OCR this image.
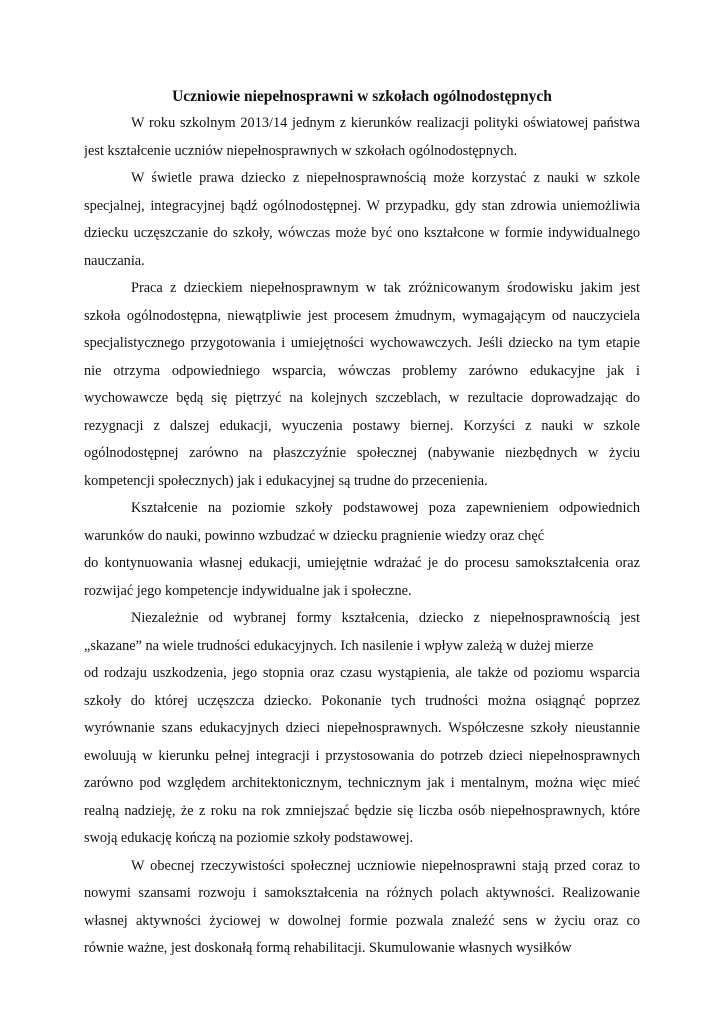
Uczniowie niepełnosprawni w szkołach ogólnodostępnych

W roku szkolnym 2013/14 jednym z kierunków realizacji polityki oświatowej państwa

jest kształcenie uczniów niepełnosprawnych w szkołach ogólnodostępnych.

W świetle prawa dziecko z niepełnosprawnością może korzystać z nauki w szkole

specjalnej, integracyjnej bądź ogólnodostępnej. W przypadku, gdy stan zdrowia uniemożliwia

dziecku uczęszczanie do szkoły, wówczas może być ono kształcone w formie indywidualnego

nauczania.

Praca z dzieckiem niepełnosprawnym w tak zróżnicowanym środowisku jakim jest

szkoła ogólnodostępna, niewątpliwie jest procesem żmudnym, wymagającym od nauczyciela

specjalistycznego przygotowania i umiejętności wychowawczych. Jeśli dziecko na tym etapie

nie otrzyma odpowiedniego wsparcia, wówczas problemy zarówno edukacyjne jak i

wychowawcze będą się piętrzyć na kolejnych szczeblach, w rezultacie doprowadzając do

rezygnacji z dalszej edukacji, wyuczenia postawy biernej. Korzyści z nauki w szkole

ogólnodostępnej zarówno na płaszczyźnie społecznej (nabywanie niezbędnych w życiu

kompetencji społecznych) jak i edukacyjnej są trudne do przecenienia.

Kształcenie na poziomie szkoły podstawowej poza zapewnieniem odpowiednich

warunków do nauki, powinno wzbudzać w dziecku pragnienie wiedzy oraz chęć

do kontynuowania własnej edukacji, umiejętnie wdrażać je do procesu samokształcenia oraz

rozwijać jego kompetencje indywidualne jak i społeczne.

Niezależnie od wybranej formy kształcenia, dziecko z niepełnosprawnością jest

„skazane” na wiele trudności edukacyjnych. Ich nasilenie i wpływ zależą w dużej mierze

od rodzaju uszkodzenia, jego stopnia oraz czasu wystąpienia, ale także od poziomu wsparcia

szkoły do której uczęszcza dziecko. Pokonanie tych trudności można osiągnąć poprzez

wyrównanie szans edukacyjnych dzieci niepełnosprawnych. Współczesne szkoły nieustannie

ewoluują w kierunku pełnej integracji i przystosowania do potrzeb dzieci niepełnosprawnych

zarówno pod względem architektonicznym, technicznym jak i mentalnym, można więc mieć

realną nadzieję, że z roku na rok zmniejszać będzie się liczba osób niepełnosprawnych, które

swoją edukację kończą na poziomie szkoły podstawowej.

W obecnej rzeczywistości społecznej uczniowie niepełnosprawni stają przed coraz to

nowymi szansami rozwoju i samokształcenia na różnych polach aktywności. Realizowanie

własnej aktywności życiowej w dowolnej formie pozwala znaleźć sens w życiu oraz co

równie ważne, jest doskonałą formą rehabilitacji. Skumulowanie własnych wysiłków
